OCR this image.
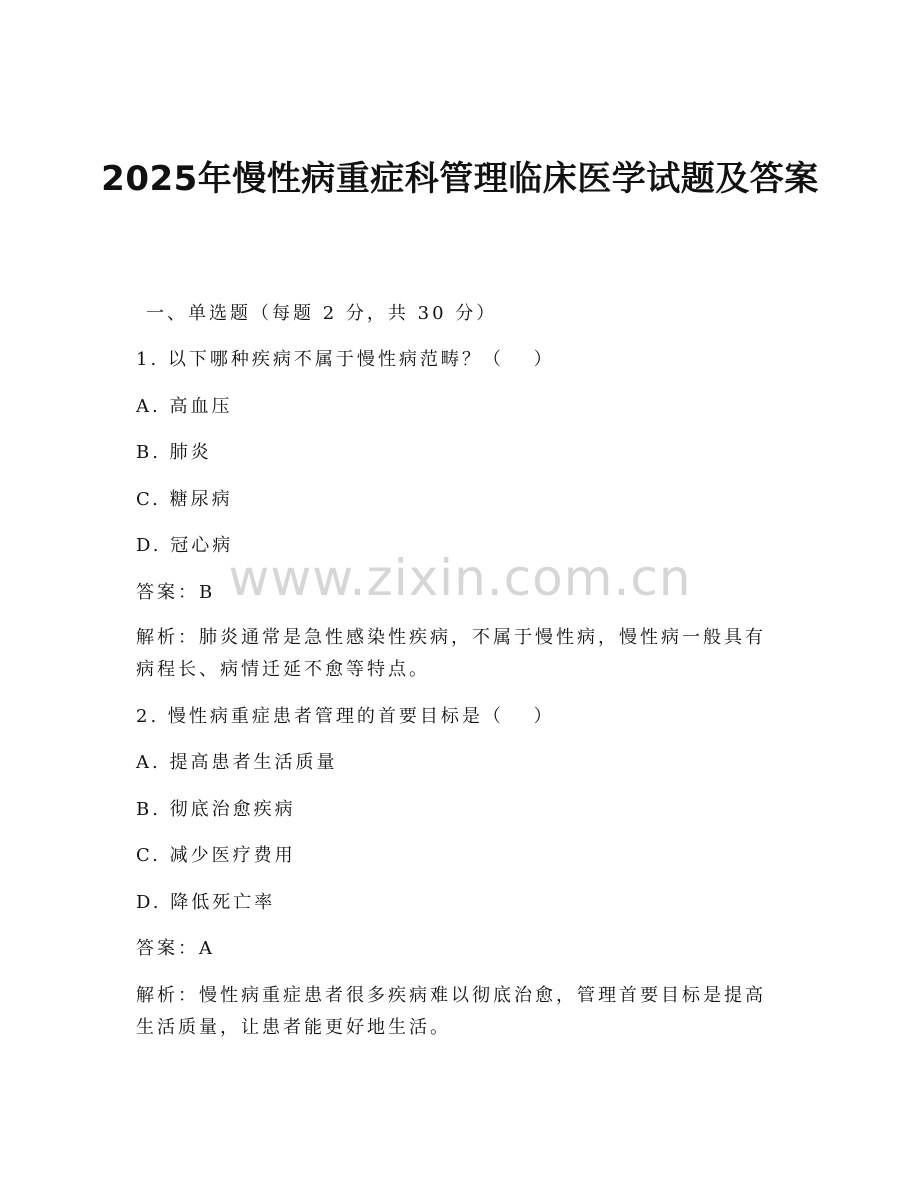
2025年慢性病重症科管理临床医学试题及答案
一、单选题（每题 2 分，共 30 分）
1. 以下哪种疾病不属于慢性病范畴？（　 ）
A. 高血压
B. 肺炎
C. 糖尿病
D. 冠心病
答案：B
解析：肺炎通常是急性感染性疾病，不属于慢性病，慢性病一般具有病程长、病情迁延不愈等特点。
2. 慢性病重症患者管理的首要目标是（　 ）
A. 提高患者生活质量
B. 彻底治愈疾病
C. 减少医疗费用
D. 降低死亡率
答案：A
解析：慢性病重症患者很多疾病难以彻底治愈，管理首要目标是提高生活质量，让患者能更好地生活。
www.zixin.com.cn
